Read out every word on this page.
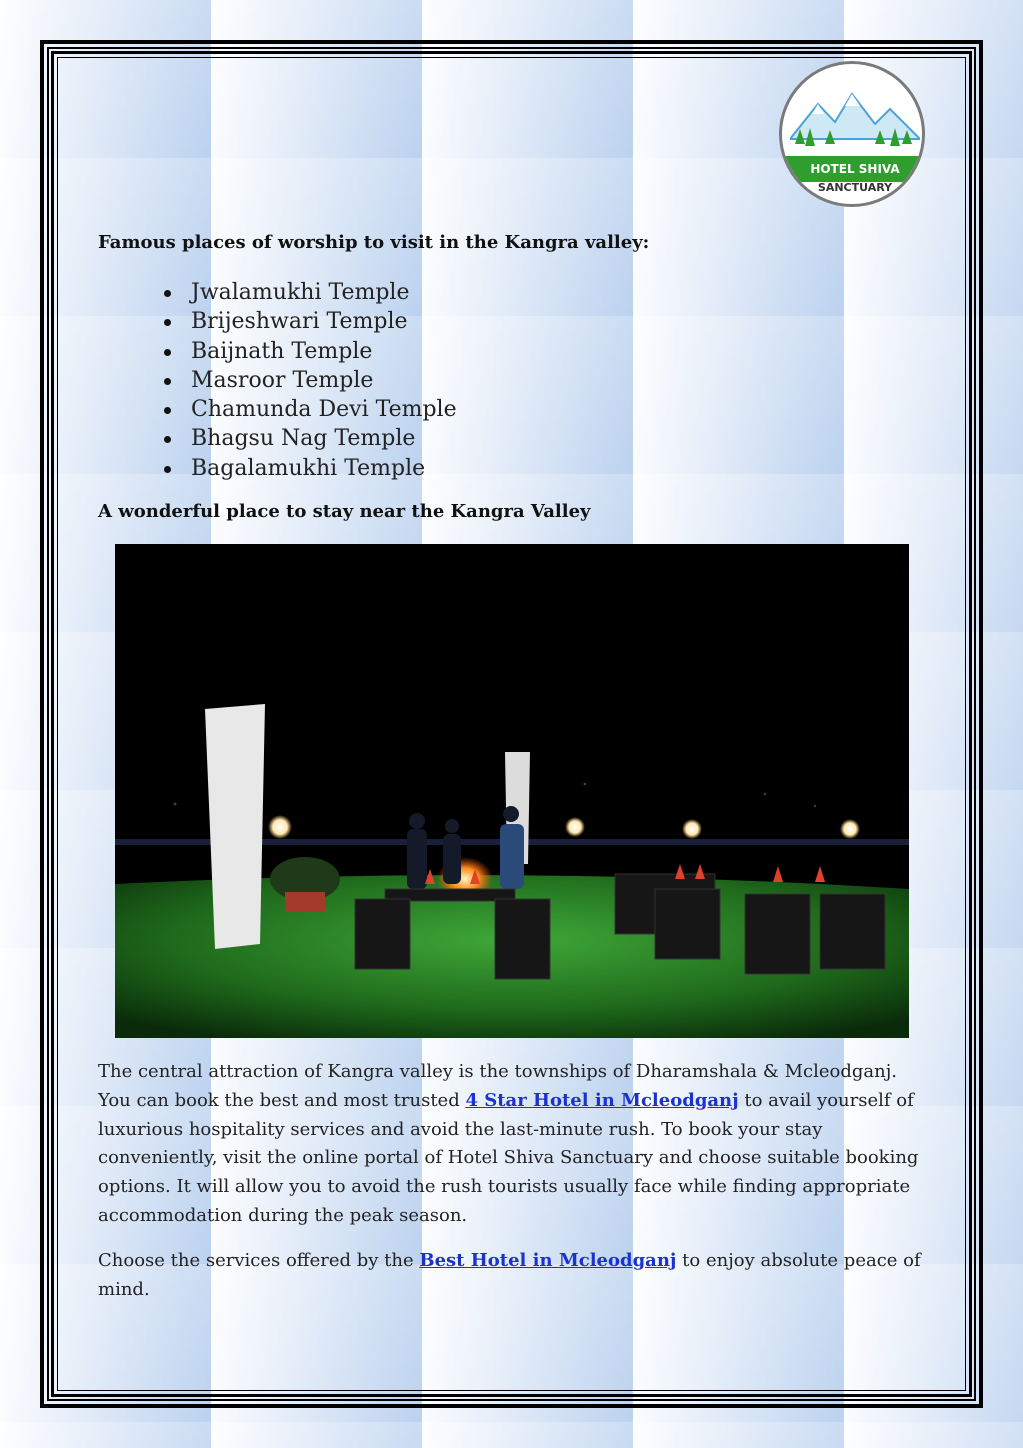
HOTEL SHIVA
SANCTUARY
Famous places of worship to visit in the Kangra valley:
Jwalamukhi Temple
Brijeshwari Temple
Baijnath Temple
Masroor Temple
Chamunda Devi Temple
Bhagsu Nag Temple
Bagalamukhi Temple
A wonderful place to stay near the Kangra Valley

The central attraction of Kangra valley is the townships of Dharamshala & Mcleodganj. You can book the best and most trusted 4 Star Hotel in Mcleodganj to avail yourself of luxurious hospitality services and avoid the last-minute rush. To book your stay conveniently, visit the online portal of Hotel Shiva Sanctuary and choose suitable booking options. It will allow you to avoid the rush tourists usually face while finding appropriate accommodation during the peak season.

Choose the services offered by the Best Hotel in Mcleodganj to enjoy absolute peace of mind.
